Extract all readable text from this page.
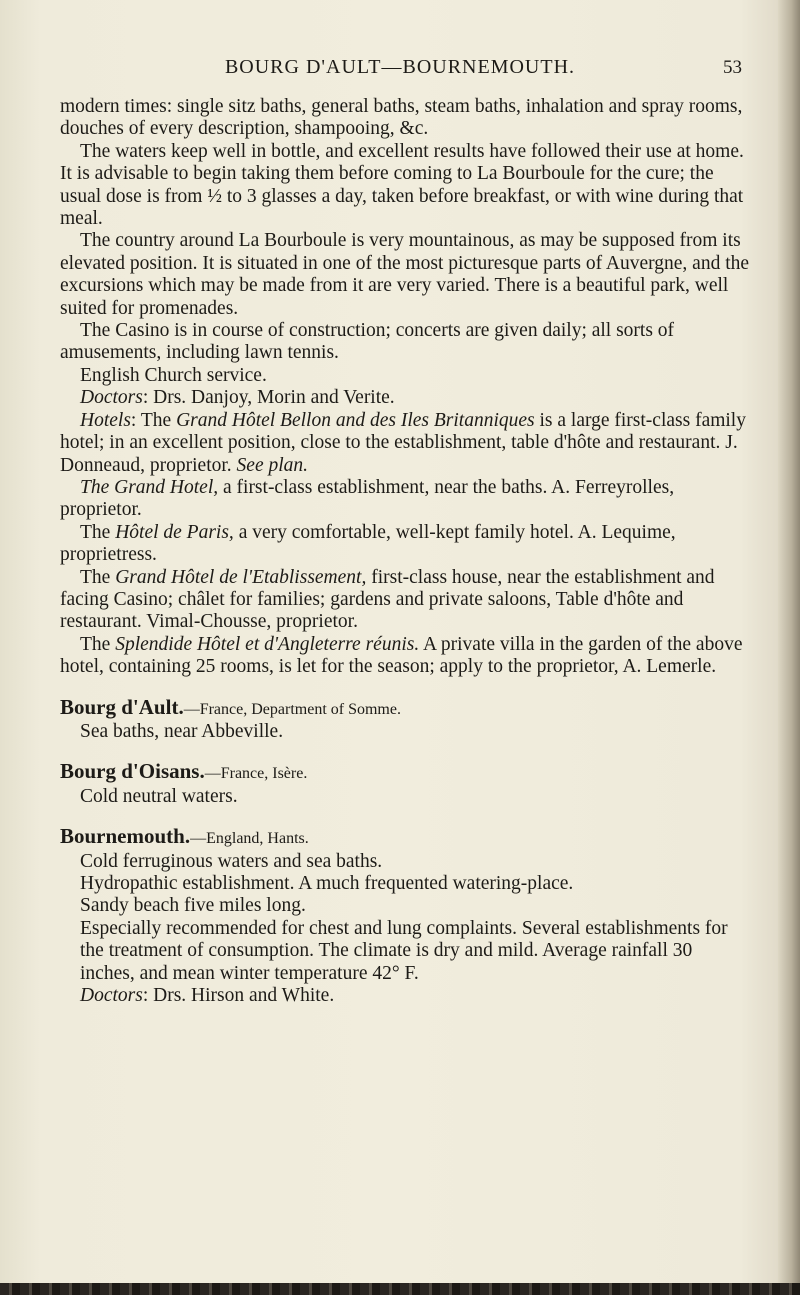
BOURG D'AULT—BOURNEMOUTH.	53

modern times: single sitz baths, general baths, steam baths, inhalation and spray rooms, douches of every description, shampooing, &c.

The waters keep well in bottle, and excellent results have followed their use at home. It is advisable to begin taking them before coming to La Bourboule for the cure; the usual dose is from ½ to 3 glasses a day, taken before breakfast, or with wine during that meal.

The country around La Bourboule is very mountainous, as may be supposed from its elevated position. It is situated in one of the most picturesque parts of Auvergne, and the excursions which may be made from it are very varied. There is a beautiful park, well suited for promenades.

The Casino is in course of construction; concerts are given daily; all sorts of amusements, including lawn tennis.

English Church service.

Doctors: Drs. Danjoy, Morin and Verite.

Hotels: The Grand Hôtel Bellon and des Iles Britanniques is a large first-class family hotel; in an excellent position, close to the establishment, table d'hôte and restaurant. J. Donneaud, proprietor. See plan.

The Grand Hotel, a first-class establishment, near the baths. A. Ferreyrolles, proprietor.

The Hôtel de Paris, a very comfortable, well-kept family hotel. A. Lequime, proprietress.

The Grand Hôtel de l'Etablissement, first-class house, near the establishment and facing Casino; châlet for families; gardens and private saloons, Table d'hôte and restaurant. Vimal-Chousse, proprietor.

The Splendide Hôtel et d'Angleterre réunis. A private villa in the garden of the above hotel, containing 25 rooms, is let for the season; apply to the proprietor, A. Lemerle.

Bourg d'Ault.—France, Department of Somme.

Sea baths, near Abbeville.

Bourg d'Oisans.—France, Isère.

Cold neutral waters.

Bournemouth.—England, Hants.

Cold ferruginous waters and sea baths.

Hydropathic establishment. A much frequented watering-place.

Sandy beach five miles long.

Especially recommended for chest and lung complaints. Several establishments for the treatment of consumption. The climate is dry and mild. Average rainfall 30 inches, and mean winter temperature 42° F.

Doctors: Drs. Hirson and White.
